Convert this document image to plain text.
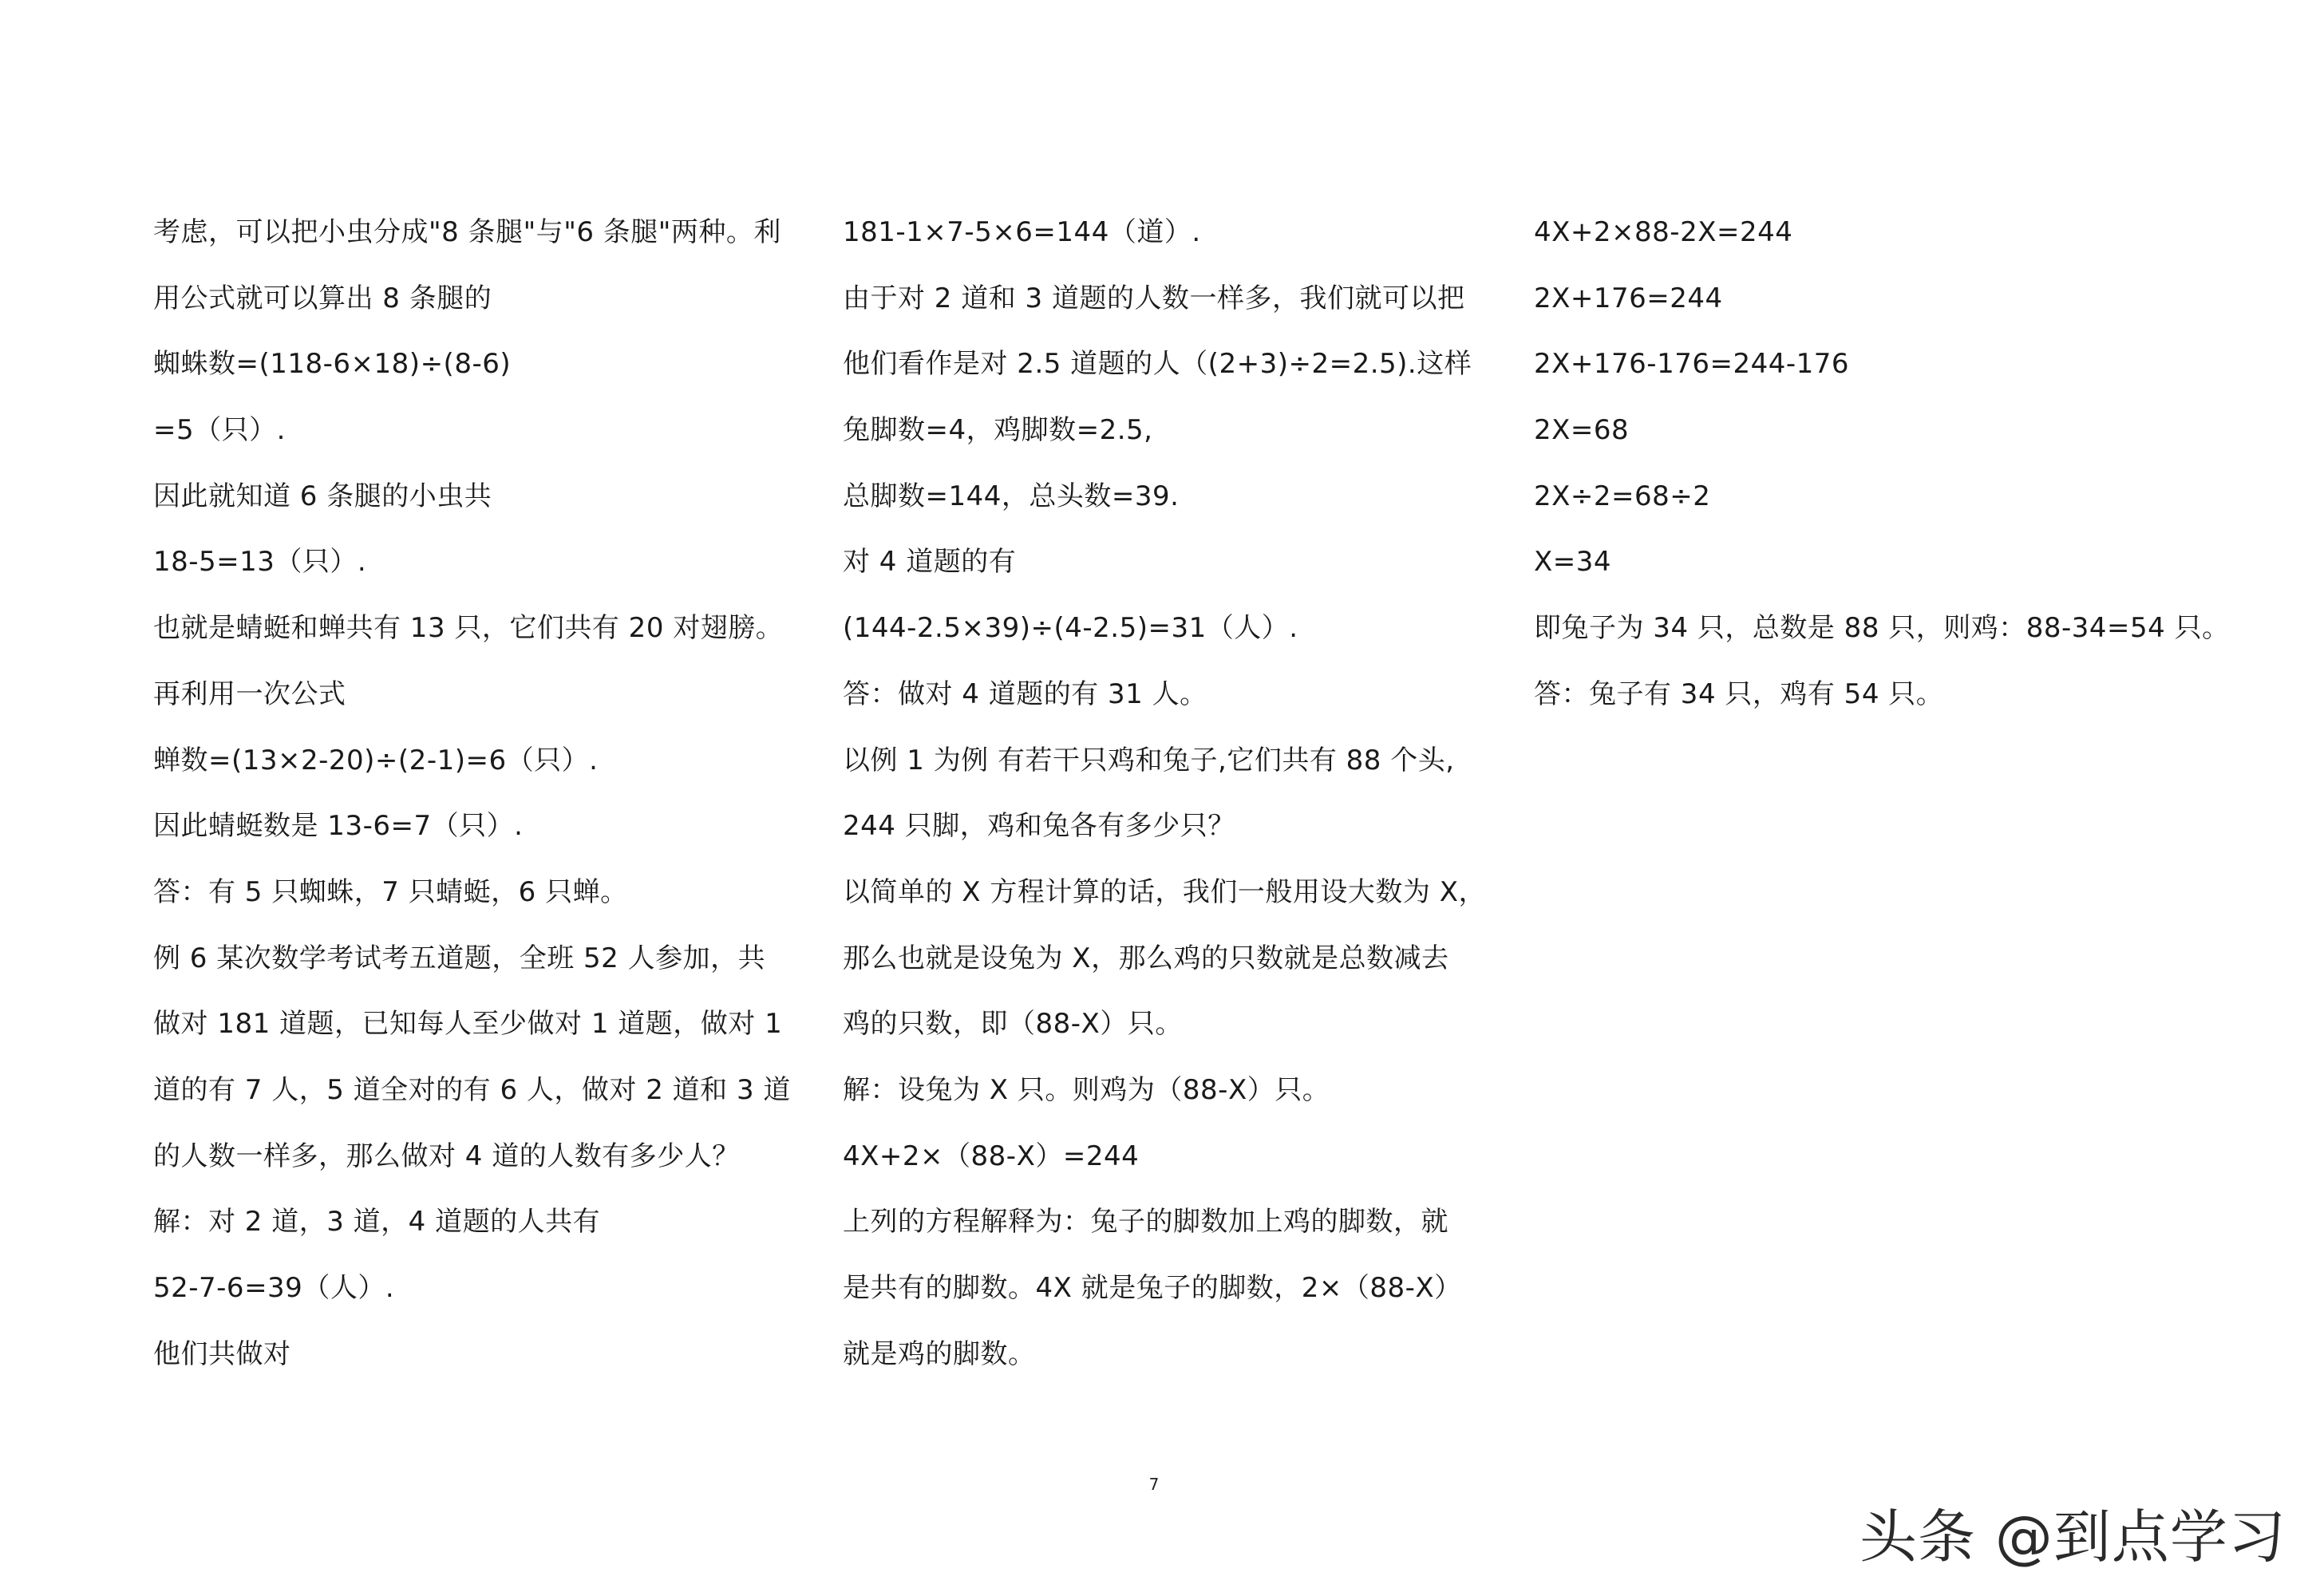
考虑，可以把小虫分成"8 条腿"与"6 条腿"两种。利
用公式就可以算出 8 条腿的
蜘蛛数=(118-6×18)÷(8-6)
=5（只）.
因此就知道 6 条腿的小虫共
18-5=13（只）.
也就是蜻蜓和蝉共有 13 只，它们共有 20 对翅膀。
再利用一次公式
蝉数=(13×2-20)÷(2-1)=6（只）.
因此蜻蜓数是 13-6=7（只）.
答：有 5 只蜘蛛，7 只蜻蜓，6 只蝉。
例 6 某次数学考试考五道题，全班 52 人参加，共
做对 181 道题，已知每人至少做对 1 道题，做对 1
道的有 7 人，5 道全对的有 6 人，做对 2 道和 3 道
的人数一样多，那么做对 4 道的人数有多少人？
解：对 2 道，3 道，4 道题的人共有
52-7-6=39（人）.
他们共做对
181-1×7-5×6=144（道）.
由于对 2 道和 3 道题的人数一样多，我们就可以把
他们看作是对 2.5 道题的人（(2+3)÷2=2.5).这样
兔脚数=4，鸡脚数=2.5,
总脚数=144，总头数=39.
对 4 道题的有
(144-2.5×39)÷(4-2.5)=31（人）.
答：做对 4 道题的有 31 人。
以例 1 为例 有若干只鸡和兔子,它们共有 88 个头,
244 只脚，鸡和兔各有多少只？
以简单的 X 方程计算的话，我们一般用设大数为 X，
那么也就是设兔为 X，那么鸡的只数就是总数减去
鸡的只数，即（88-X）只。
解：设兔为 X 只。则鸡为（88-X）只。
4X+2×（88-X）=244
上列的方程解释为：兔子的脚数加上鸡的脚数，就
是共有的脚数。4X 就是兔子的脚数，2×（88-X）
就是鸡的脚数。
4X+2×88-2X=244
2X+176=244
2X+176-176=244-176
2X=68
2X÷2=68÷2
X=34
即兔子为 34 只，总数是 88 只，则鸡：88-34=54 只。
答：兔子有 34 只，鸡有 54 只。
7
头条 @到点学习
